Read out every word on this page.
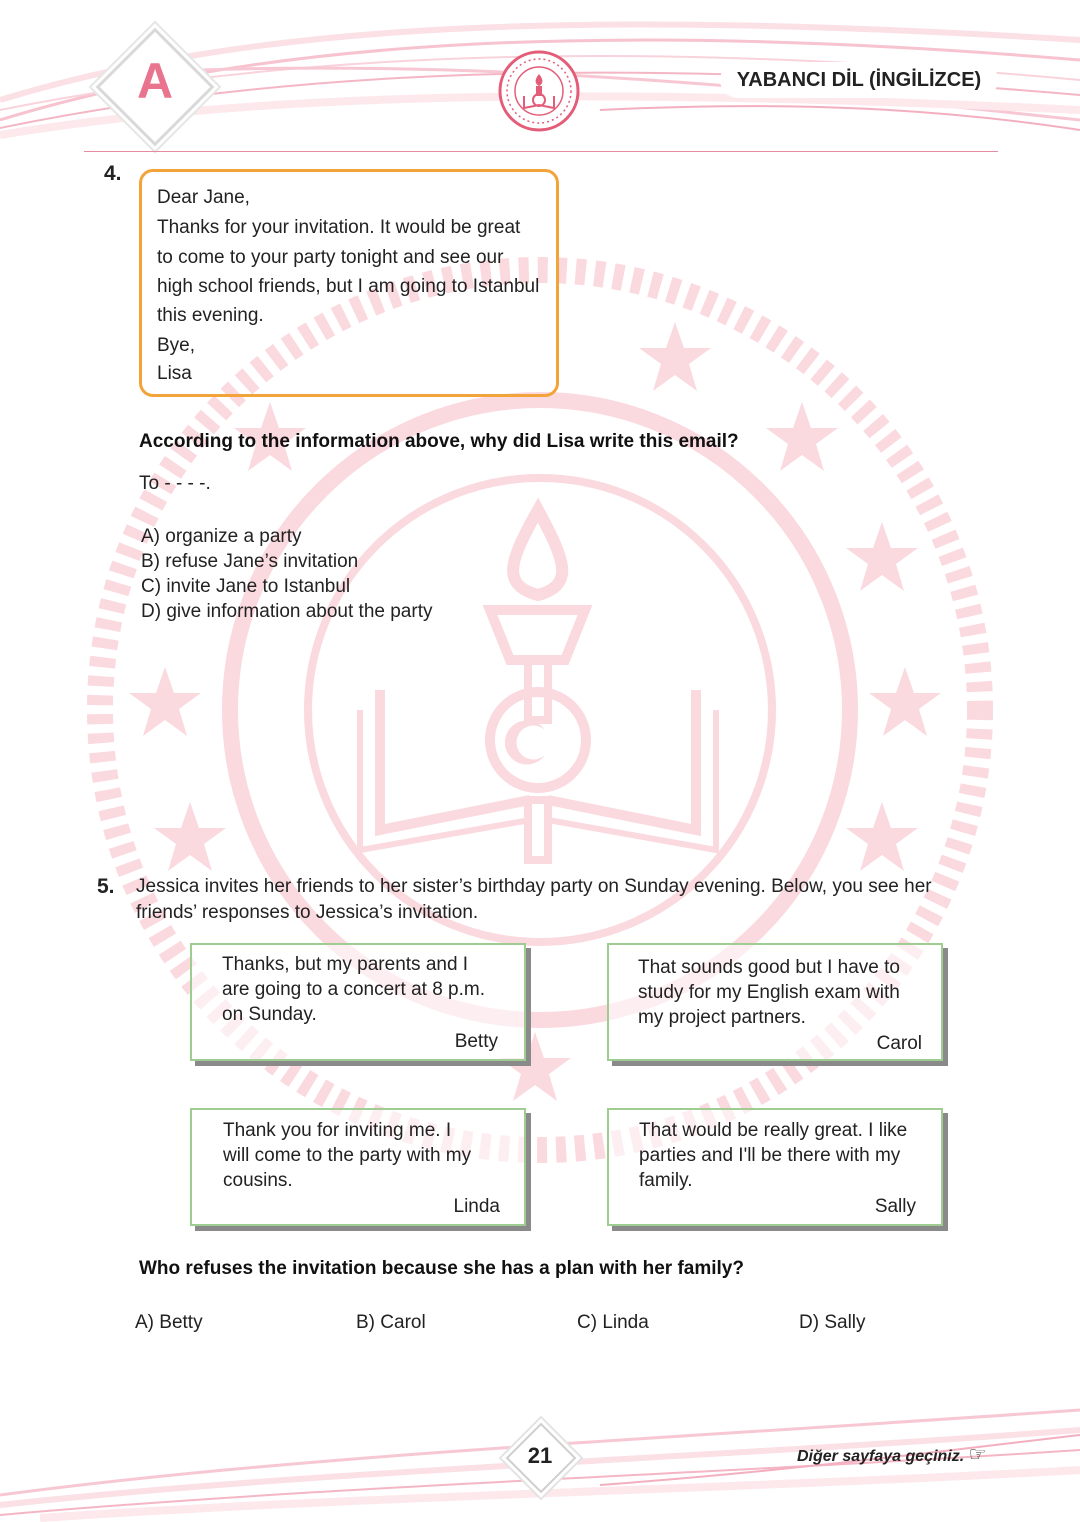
A	YABANCI DİL (İNGİLİZCE)
4.
Dear Jane,
Thanks for your invitation. It would be great
to come to your party tonight and see our
high school friends, but I am going to Istanbul
this evening.
Bye,
Lisa
According to the information above, why did Lisa write this email?
To - - - -.
A) organize a party
B) refuse Jane’s invitation
C) invite Jane to Istanbul
D) give information about the party
5. Jessica invites her friends to her sister’s birthday party on Sunday evening. Below, you see her
friends’ responses to Jessica’s invitation.
Thanks, but my parents and I
are going to a concert at 8 p.m.
on Sunday.
Betty
That sounds good but I have to
study for my English exam with
my project partners.
Carol
Thank you for inviting me. I
will come to the party with my
cousins.
Linda
That would be really great. I like
parties and I'll be there with my
family.
Sally
Who refuses the invitation because she has a plan with her family?
A) Betty	B) Carol	C) Linda	D) Sally
21	Diğer sayfaya geçiniz. ☞
